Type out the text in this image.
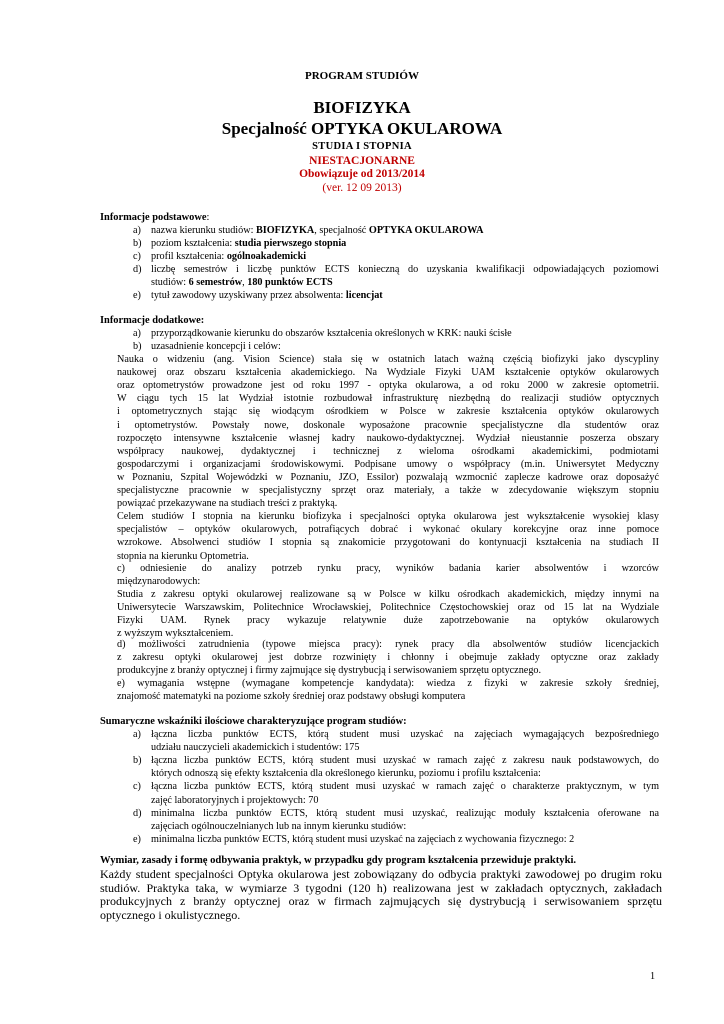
PROGRAM STUDIÓW
BIOFIZYKA
Specjalność OPTYKA OKULAROWA
STUDIA I STOPNIA
NIESTACJONARNE
Obowiązuje od 2013/2014
(ver. 12 09 2013)
Informacje podstawowe:
a) nazwa kierunku studiów: BIOFIZYKA, specjalność OPTYKA OKULAROWA
b) poziom kształcenia: studia pierwszego stopnia
c) profil kształcenia: ogólnoakademicki
d) liczbę semestrów i liczbę punktów ECTS konieczną do uzyskania kwalifikacji odpowiadających poziomowi
studiów: 6 semestrów, 180 punktów ECTS
e) tytuł zawodowy uzyskiwany przez absolwenta: licencjat
Informacje dodatkowe:
a) przyporządkowanie kierunku do obszarów kształcenia określonych w KRK: nauki ścisłe
b) uzasadnienie koncepcji i celów:
Nauka o widzeniu (ang. Vision Science) stała się w ostatnich latach ważną częścią biofizyki jako dyscypliny
naukowej oraz obszaru kształcenia akademickiego. Na Wydziale Fizyki UAM kształcenie optyków okularowych
oraz optometrystów prowadzone jest od roku 1997 - optyka okularowa, a od roku 2000 w zakresie optometrii.
W ciągu tych 15 lat Wydział istotnie rozbudował infrastrukturę niezbędną do realizacji studiów optycznych
i optometrycznych stając się wiodącym ośrodkiem w Polsce w zakresie kształcenia optyków okularowych
i optometrystów. Powstały nowe, doskonale wyposażone pracownie specjalistyczne dla studentów oraz
rozpoczęto intensywne kształcenie własnej kadry naukowo-dydaktycznej. Wydział nieustannie poszerza obszary
współpracy naukowej, dydaktycznej i technicznej z wieloma ośrodkami akademickimi, podmiotami
gospodarczymi i organizacjami środowiskowymi. Podpisane umowy o współpracy (m.in. Uniwersytet Medyczny
w Poznaniu, Szpital Wojewódzki w Poznaniu, JZO, Essilor) pozwalają wzmocnić zaplecze kadrowe oraz doposażyć
specjalistyczne pracownie w specjalistyczny sprzęt oraz materiały, a także w zdecydowanie większym stopniu
powiązać przekazywane na studiach treści z praktyką.
Celem studiów I stopnia na kierunku biofizyka i specjalności optyka okularowa jest wykształcenie wysokiej klasy
specjalistów – optyków okularowych, potrafiących dobrać i wykonać okulary korekcyjne oraz inne pomoce
wzrokowe. Absolwenci studiów I stopnia są znakomicie przygotowani do kontynuacji kształcenia na studiach II
stopnia na kierunku Optometria.
c) odniesienie do analizy potrzeb rynku pracy, wyników badania karier absolwentów i wzorców
międzynarodowych:
Studia z zakresu optyki okularowej realizowane są w Polsce w kilku ośrodkach akademickich, między innymi na
Uniwersytecie Warszawskim, Politechnice Wrocławskiej, Politechnice Częstochowskiej oraz od 15 lat na Wydziale
Fizyki UAM. Rynek pracy wykazuje relatywnie duże zapotrzebowanie na optyków okularowych
z wyższym wykształceniem.
d) możliwości zatrudnienia (typowe miejsca pracy): rynek pracy dla absolwentów studiów licencjackich
z zakresu optyki okularowej jest dobrze rozwinięty i chłonny i obejmuje zakłady optyczne oraz zakłady
produkcyjne z branży optycznej i firmy zajmujące się dystrybucją i serwisowaniem sprzętu optycznego.
e) wymagania wstępne (wymagane kompetencje kandydata): wiedza z fizyki w zakresie szkoły średniej,
znajomość matematyki na poziome szkoły średniej oraz podstawy obsługi komputera
Sumaryczne wskaźniki ilościowe charakteryzujące program studiów:
a) łączna liczba punktów ECTS, którą student musi uzyskać na zajęciach wymagających bezpośredniego
udziału nauczycieli akademickich i studentów: 175
b) łączna liczba punktów ECTS, którą student musi uzyskać w ramach zajęć z zakresu nauk podstawowych, do
których odnoszą się efekty kształcenia dla określonego kierunku, poziomu i profilu kształcenia:
c) łączna liczba punktów ECTS, którą student musi uzyskać w ramach zajęć o charakterze praktycznym, w tym
zajęć laboratoryjnych i projektowych: 70
d) minimalna liczba punktów ECTS, którą student musi uzyskać, realizując moduły kształcenia oferowane na
zajęciach ogólnouczelnianych lub na innym kierunku studiów:
e) minimalna liczba punktów ECTS, którą student musi uzyskać na zajęciach z wychowania fizycznego: 2
Wymiar, zasady i formę odbywania praktyk, w przypadku gdy program kształcenia przewiduje praktyki.
Każdy student specjalności Optyka okularowa jest zobowiązany do odbycia praktyki zawodowej po drugim roku
studiów. Praktyka taka, w wymiarze 3 tygodni (120 h) realizowana jest w zakładach optycznych, zakładach
produkcyjnych z branży optycznej oraz w firmach zajmujących się dystrybucją i serwisowaniem sprzętu
optycznego i okulistycznego.
1
